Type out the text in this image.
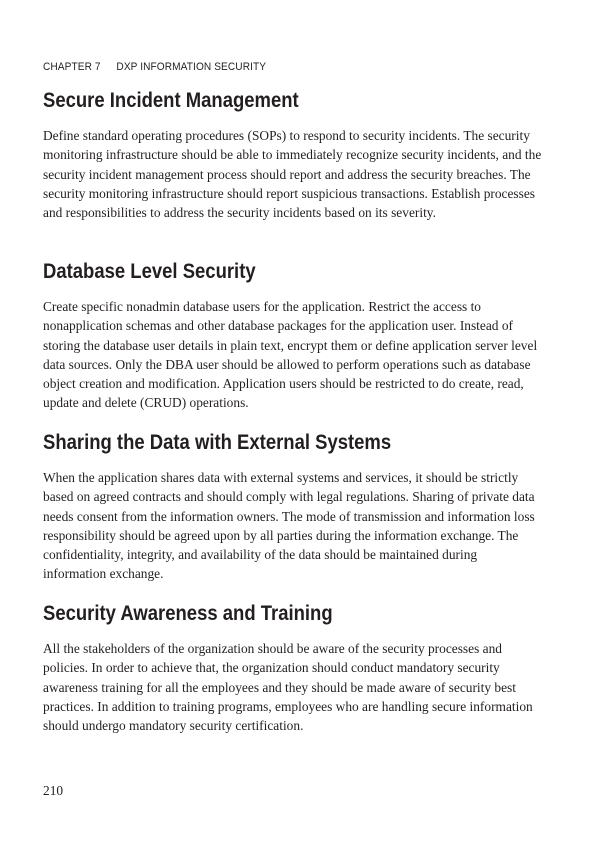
CHAPTER 7 DXP INFORMATION SECURITY
Secure Incident Management

Define standard operating procedures (SOPs) to respond to security incidents. The security monitoring infrastructure should be able to immediately recognize security incidents, and the security incident management process should report and address the security breaches. The security monitoring infrastructure should report suspicious transactions. Establish processes and responsibilities to address the security incidents based on its severity.

Database Level Security

Create specific nonadmin database users for the application. Restrict the access to nonapplication schemas and other database packages for the application user. Instead of storing the database user details in plain text, encrypt them or define application server level data sources. Only the DBA user should be allowed to perform operations such as database object creation and modification. Application users should be restricted to do create, read, update and delete (CRUD) operations.

Sharing the Data with External Systems

When the application shares data with external systems and services, it should be strictly based on agreed contracts and should comply with legal regulations. Sharing of private data needs consent from the information owners. The mode of transmission and information loss responsibility should be agreed upon by all parties during the information exchange. The confidentiality, integrity, and availability of the data should be maintained during information exchange.

Security Awareness and Training

All the stakeholders of the organization should be aware of the security processes and policies. In order to achieve that, the organization should conduct mandatory security awareness training for all the employees and they should be made aware of security best practices. In addition to training programs, employees who are handling secure information should undergo mandatory security certification.

210
